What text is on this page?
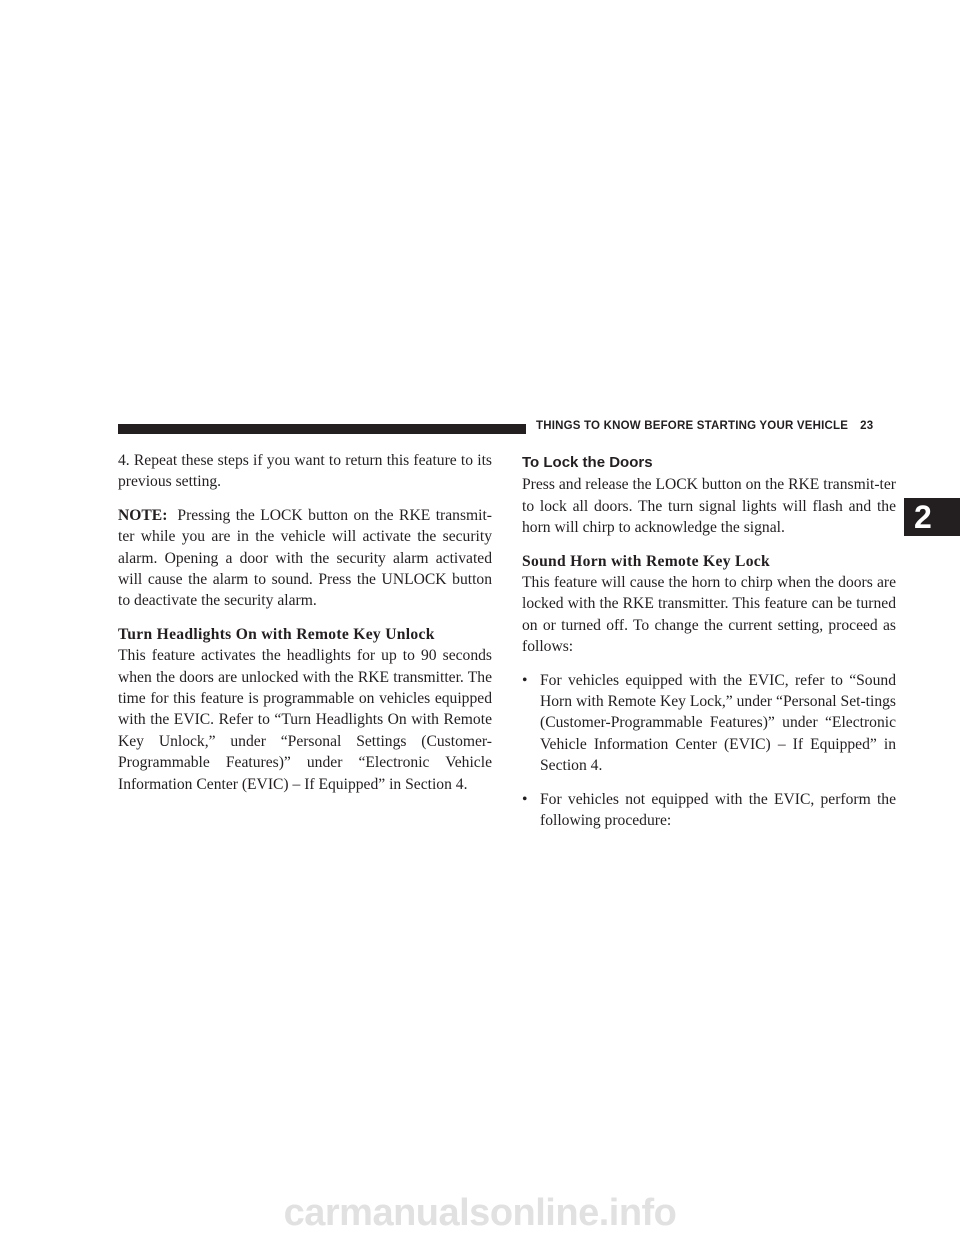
THINGS TO KNOW BEFORE STARTING YOUR VEHICLE 23
2

4. Repeat these steps if you want to return this feature to its previous setting.

NOTE: Pressing the LOCK button on the RKE transmit-ter while you are in the vehicle will activate the security alarm. Opening a door with the security alarm activated will cause the alarm to sound. Press the UNLOCK button to deactivate the security alarm.

Turn Headlights On with Remote Key Unlock

This feature activates the headlights for up to 90 seconds when the doors are unlocked with the RKE transmitter. The time for this feature is programmable on vehicles equipped with the EVIC. Refer to “Turn Headlights On with Remote Key Unlock,” under “Personal Settings (Customer-Programmable Features)” under “Electronic Vehicle Information Center (EVIC) – If Equipped” in Section 4.

To Lock the Doors

Press and release the LOCK button on the RKE transmit-ter to lock all doors. The turn signal lights will flash and the horn will chirp to acknowledge the signal.

Sound Horn with Remote Key Lock

This feature will cause the horn to chirp when the doors are locked with the RKE transmitter. This feature can be turned on or turned off. To change the current setting, proceed as follows:

• For vehicles equipped with the EVIC, refer to “Sound Horn with Remote Key Lock,” under “Personal Set-tings (Customer-Programmable Features)” under “Electronic Vehicle Information Center (EVIC) – If Equipped” in Section 4.
• For vehicles not equipped with the EVIC, perform the following procedure:
carmanualsonline.info
